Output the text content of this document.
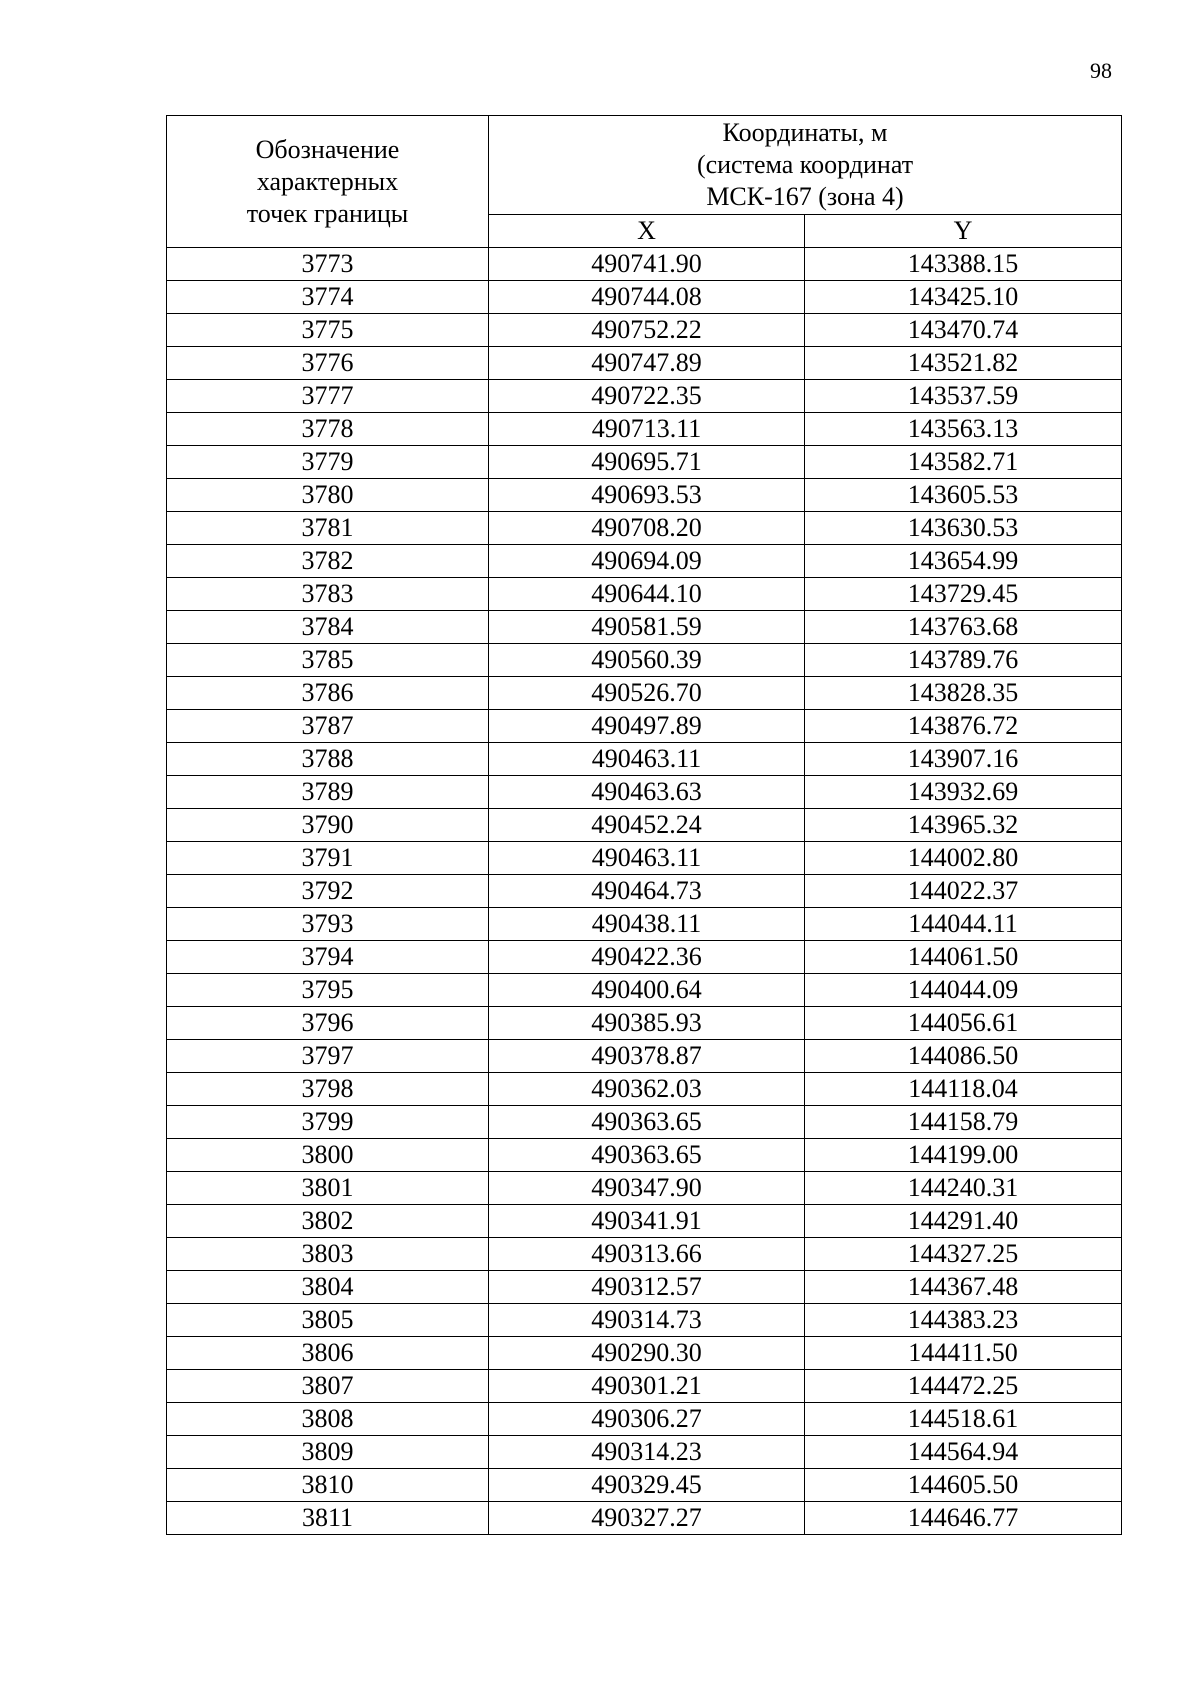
98
Обозначение
характерных
точек границы	Координаты, м
(система координат
МСК-167 (зона 4)	

	X	Y
3773	490741.90	143388.15
3774	490744.08	143425.10
3775	490752.22	143470.74
3776	490747.89	143521.82
3777	490722.35	143537.59
3778	490713.11	143563.13
3779	490695.71	143582.71
3780	490693.53	143605.53
3781	490708.20	143630.53
3782	490694.09	143654.99
3783	490644.10	143729.45
3784	490581.59	143763.68
3785	490560.39	143789.76
3786	490526.70	143828.35
3787	490497.89	143876.72
3788	490463.11	143907.16
3789	490463.63	143932.69
3790	490452.24	143965.32
3791	490463.11	144002.80
3792	490464.73	144022.37
3793	490438.11	144044.11
3794	490422.36	144061.50
3795	490400.64	144044.09
3796	490385.93	144056.61
3797	490378.87	144086.50
3798	490362.03	144118.04
3799	490363.65	144158.79
3800	490363.65	144199.00
3801	490347.90	144240.31
3802	490341.91	144291.40
3803	490313.66	144327.25
3804	490312.57	144367.48
3805	490314.73	144383.23
3806	490290.30	144411.50
3807	490301.21	144472.25
3808	490306.27	144518.61
3809	490314.23	144564.94
3810	490329.45	144605.50
3811	490327.27	144646.77
